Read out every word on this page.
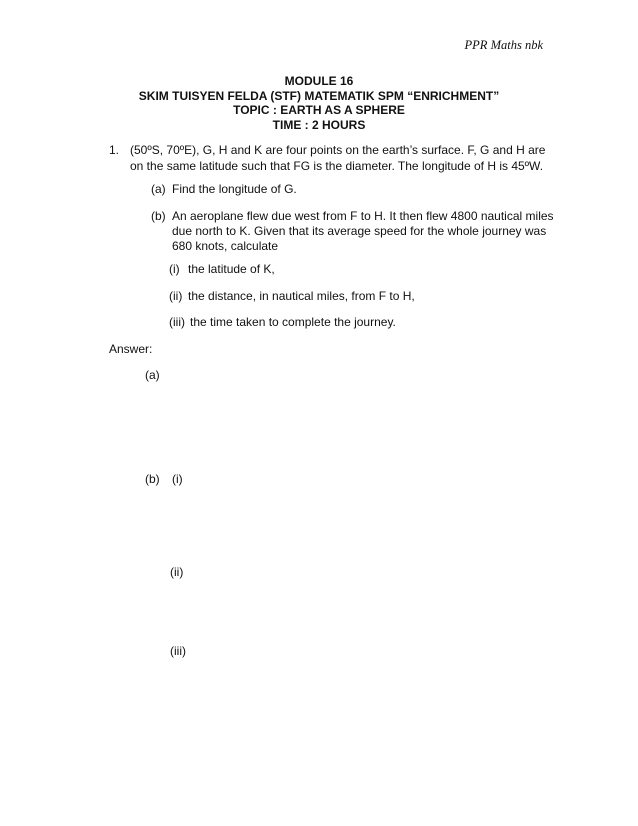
PPR Maths nbk
MODULE 16
SKIM TUISYEN FELDA (STF) MATEMATIK SPM “ENRICHMENT”
TOPIC : EARTH AS A SPHERE
TIME : 2 HOURS
1. (50ºS, 70ºE), G, H and K are four points on the earth’s surface. F, G and H are
on the same latitude such that FG is the diameter. The longitude of H is 45ºW.
(a) Find the longitude of G.
(b) An aeroplane flew due west from F to H. It then flew 4800 nautical miles
due north to K. Given that its average speed for the whole journey was
680 knots, calculate
(i) the latitude of K,
(ii) the distance, in nautical miles, from F to H,
(iii) the time taken to complete the journey.
Answer:
(a)
(b) (i)
(ii)
(iii)
